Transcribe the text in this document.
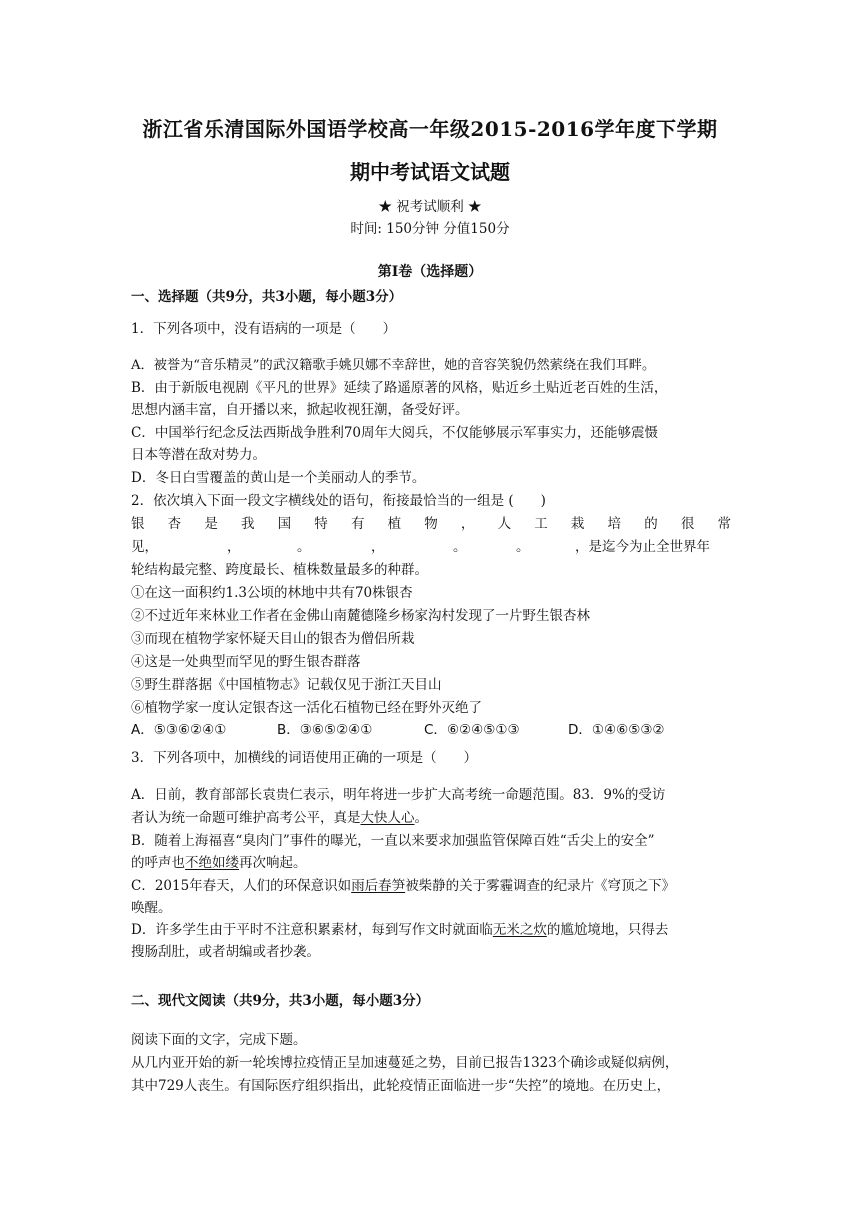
浙江省乐清国际外国语学校高一年级2015-2016学年度下学期
期中考试语文试题
★ 祝考试顺利 ★
时间: 150分钟 分值150分
第Ⅰ卷（选择题）
一、选择题（共9分，共3小题，每小题3分）
1．下列各项中，没有语病的一项是（　　）
A．被誉为“音乐精灵”的武汉籍歌手姚贝娜不幸辞世，她的音容笑貌仍然萦绕在我们耳畔。
B．由于新版电视剧《平凡的世界》延续了路遥原著的风格，贴近乡土贴近老百姓的生活，
思想内涵丰富，自开播以来，掀起收视狂潮，备受好评。
C．中国举行纪念反法西斯战争胜利70周年大阅兵，不仅能够展示军事实力，还能够震慑
日本等潜在敌对势力。
D．冬日白雪覆盖的黄山是一个美丽动人的季节。
2．依次填入下面一段文字横线处的语句，衔接最恰当的一组是 (　　)
银 杏 是 我 国 特 有 植 物 ， 人 工 栽 培 的 很 常
见，	，	。	，	。	。	，是迄今为止全世界年
轮结构最完整、跨度最长、植株数量最多的种群。
①在这一面积约1.3公顷的林地中共有70株银杏
②不过近年来林业工作者在金佛山南麓德隆乡杨家沟村发现了一片野生银杏林
③而现在植物学家怀疑天目山的银杏为僧侣所栽
④这是一处典型而罕见的野生银杏群落
⑤野生群落据《中国植物志》记载仅见于浙江天目山
⑥植物学家一度认定银杏这一活化石植物已经在野外灭绝了
A．⑤③⑥②④①	B．③⑥⑤②④①	C．⑥②④⑤①③	D．①④⑥⑤③②
3．下列各项中，加横线的词语使用正确的一项是（　　）
A．日前，教育部部长袁贵仁表示，明年将进一步扩大高考统一命题范围。83．9%的受访
者认为统一命题可维护高考公平，真是大快人心。
B．随着上海福喜“臭肉门”事件的曝光，一直以来要求加强监管保障百姓“舌尖上的安全”
的呼声也不绝如缕再次响起。
C．2015年春天，人们的环保意识如雨后春笋被柴静的关于雾霾调查的纪录片《穹顶之下》
唤醒。
D．许多学生由于平时不注意积累素材，每到写作文时就面临无米之炊的尴尬境地，只得去
搜肠刮肚，或者胡编或者抄袭。
二、现代文阅读（共9分，共3小题，每小题3分）
阅读下面的文字，完成下题。
从几内亚开始的新一轮埃博拉疫情正呈加速蔓延之势，目前已报告1323个确诊或疑似病例，
其中729人丧生。有国际医疗组织指出，此轮疫情正面临进一步“失控”的境地。在历史上，
